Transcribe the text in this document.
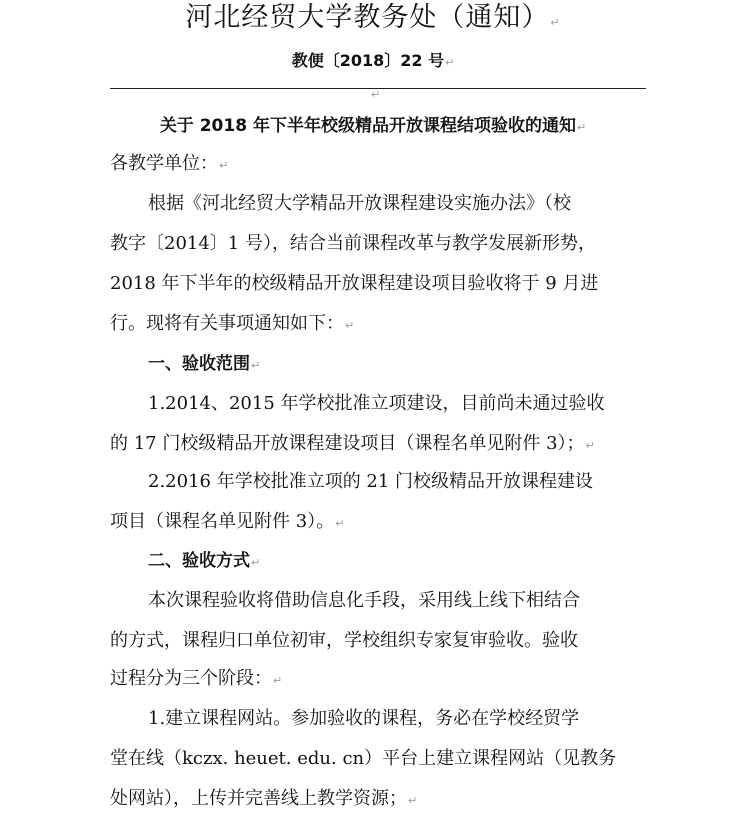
河北经贸大学教务处（通知）↵
教便〔2018〕22 号↵
↵
关于 2018 年下半年校级精品开放课程结项验收的通知↵
各教学单位：↵
根据《河北经贸大学精品开放课程建设实施办法》（校
教字〔2014〕1 号），结合当前课程改革与教学发展新形势，
2018 年下半年的校级精品开放课程建设项目验收将于 9 月进
行。现将有关事项通知如下：↵
一、验收范围↵
1.2014、2015 年学校批准立项建设，目前尚未通过验收
的 17 门校级精品开放课程建设项目（课程名单见附件 3）；↵
2.2016 年学校批准立项的 21 门校级精品开放课程建设
项目（课程名单见附件 3）。↵
二、验收方式↵
本次课程验收将借助信息化手段，采用线上线下相结合
的方式，课程归口单位初审，学校组织专家复审验收。验收
过程分为三个阶段：↵
1.建立课程网站。参加验收的课程，务必在学校经贸学
堂在线（kczx. heuet. edu. cn）平台上建立课程网站（见教务
处网站），上传并完善线上教学资源；↵
